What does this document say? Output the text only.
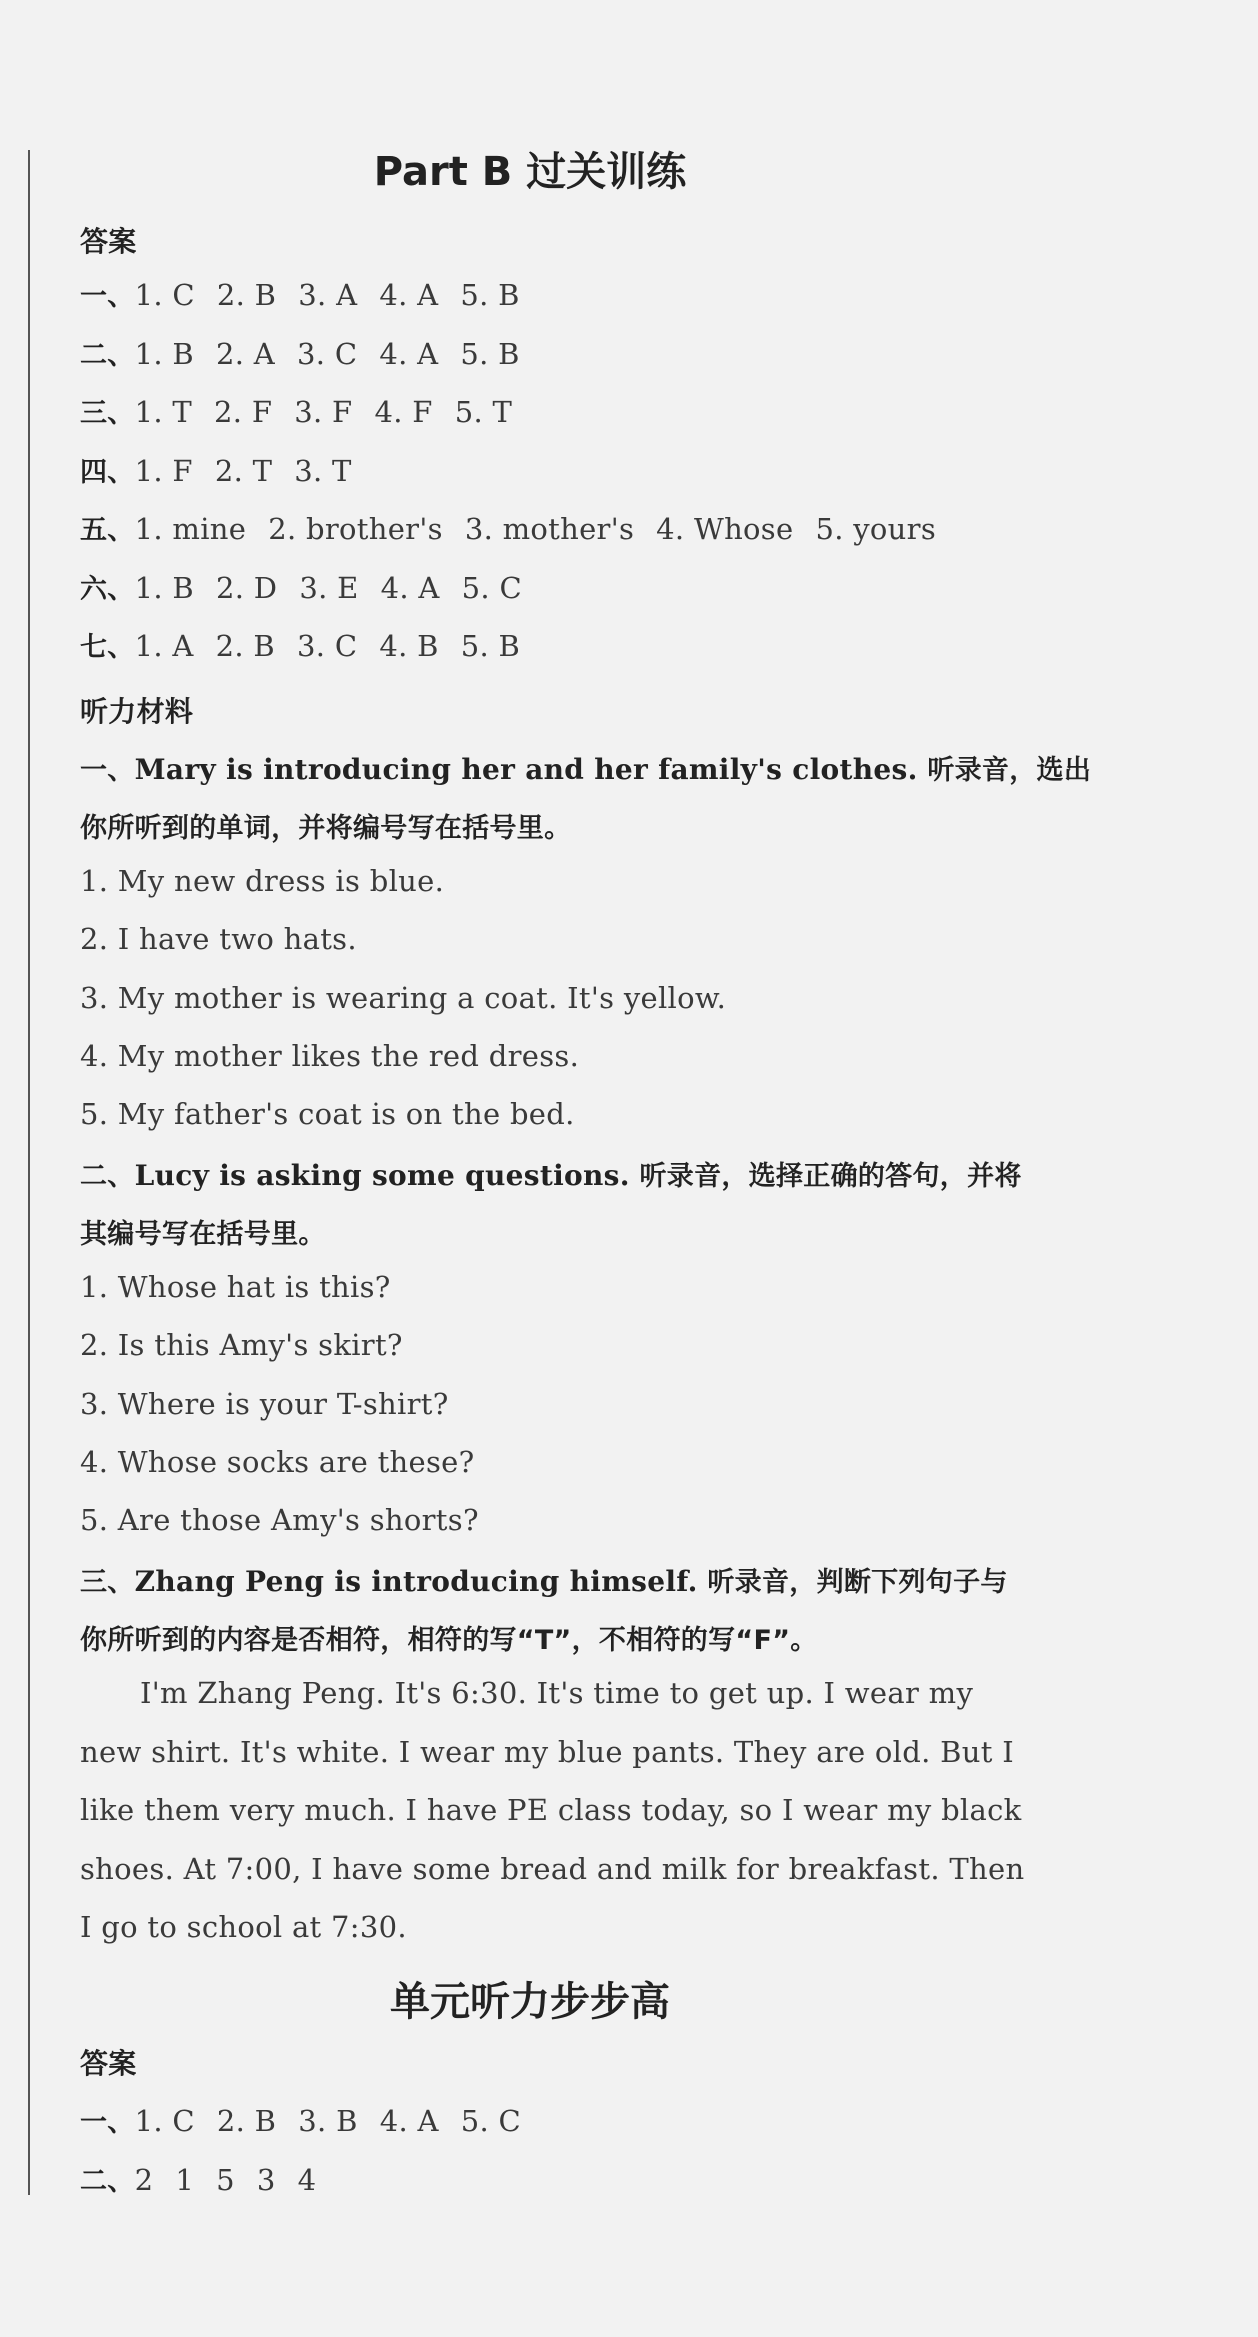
Part B 过关训练
答案
一、1. C 2. B 3. A 4. A 5. B
二、1. B 2. A 3. C 4. A 5. B
三、1. T 2. F 3. F 4. F 5. T
四、1. F 2. T 3. T
五、1. mine 2. brother's 3. mother's 4. Whose 5. yours
六、1. B 2. D 3. E 4. A 5. C
七、1. A 2. B 3. C 4. B 5. B
听力材料
一、Mary is introducing her and her family's clothes. 听录音，选出
你所听到的单词，并将编号写在括号里。
1. My new dress is blue.
2. I have two hats.
3. My mother is wearing a coat. It's yellow.
4. My mother likes the red dress.
5. My father's coat is on the bed.
二、Lucy is asking some questions. 听录音，选择正确的答句，并将
其编号写在括号里。
1. Whose hat is this?
2. Is this Amy's skirt?
3. Where is your T-shirt?
4. Whose socks are these?
5. Are those Amy's shorts?
三、Zhang Peng is introducing himself. 听录音，判断下列句子与
你所听到的内容是否相符，相符的写“T”，不相符的写“F”。
I'm Zhang Peng. It's 6:30. It's time to get up. I wear my
new shirt. It's white. I wear my blue pants. They are old. But I
like them very much. I have PE class today, so I wear my black
shoes. At 7:00, I have some bread and milk for breakfast. Then
I go to school at 7:30.
单元听力步步高
答案
一、1. C 2. B 3. B 4. A 5. C
二、2 1 5 3 4
